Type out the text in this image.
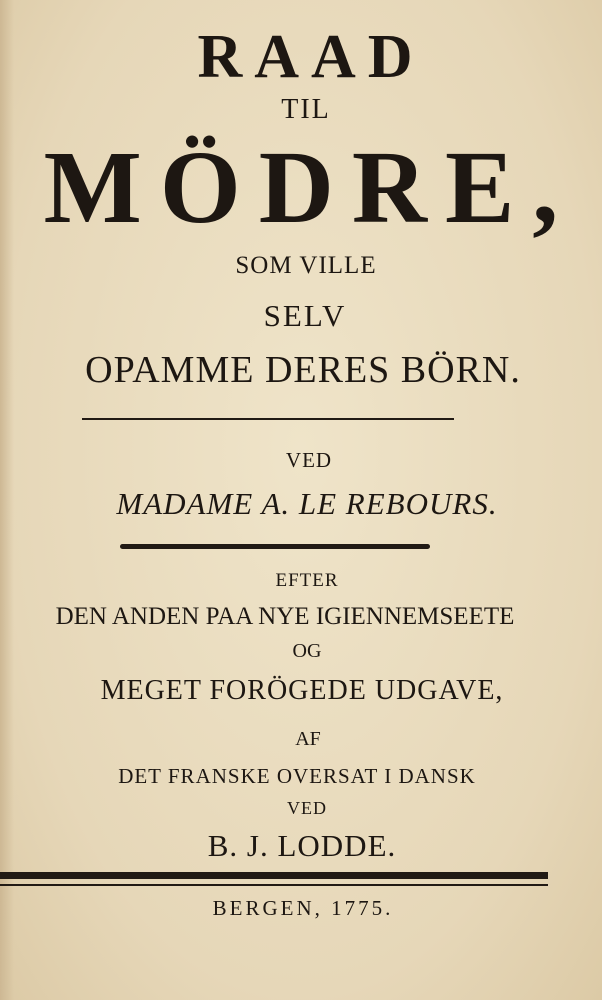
RAAD
TIL
MÖDRE,
SOM VILLE
SELV
OPAMME DERES BÖRN.
VED
MADAME A. LE REBOURS.
EFTER
DEN ANDEN PAA NYE IGIENNEMSEETE
OG
MEGET FORÖGEDE UDGAVE,
AF
DET FRANSKE OVERSAT I DANSK
VED
B. J. LODDE.
BERGEN, 1775.
